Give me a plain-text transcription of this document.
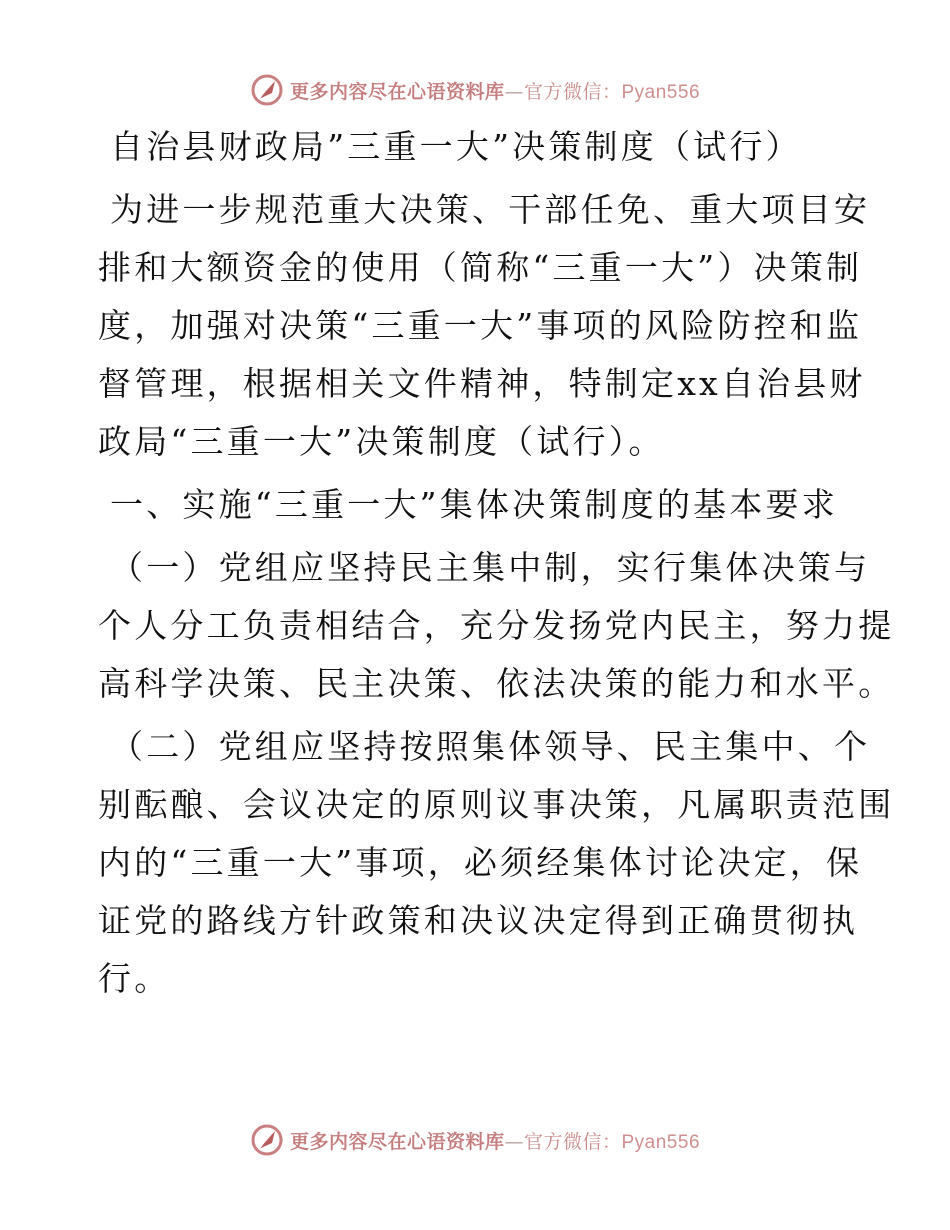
更多内容尽在心语资料库—官方微信：Pyan556
自治县财政局”三重一大”决策制度（试行）
为进一步规范重大决策、干部任免、重大项目安
排和大额资金的使用（简称“三重一大”）决策制
度，加强对决策“三重一大”事项的风险防控和监
督管理，根据相关文件精神，特制定xx自治县财
政局“三重一大”决策制度（试行）。
一、实施“三重一大”集体决策制度的基本要求
（一）党组应坚持民主集中制，实行集体决策与
个人分工负责相结合，充分发扬党内民主，努力提
高科学决策、民主决策、依法决策的能力和水平。
（二）党组应坚持按照集体领导、民主集中、个
别酝酿、会议决定的原则议事决策，凡属职责范围
内的“三重一大”事项，必须经集体讨论决定，保
证党的路线方针政策和决议决定得到正确贯彻执
行。
更多内容尽在心语资料库—官方微信：Pyan556
